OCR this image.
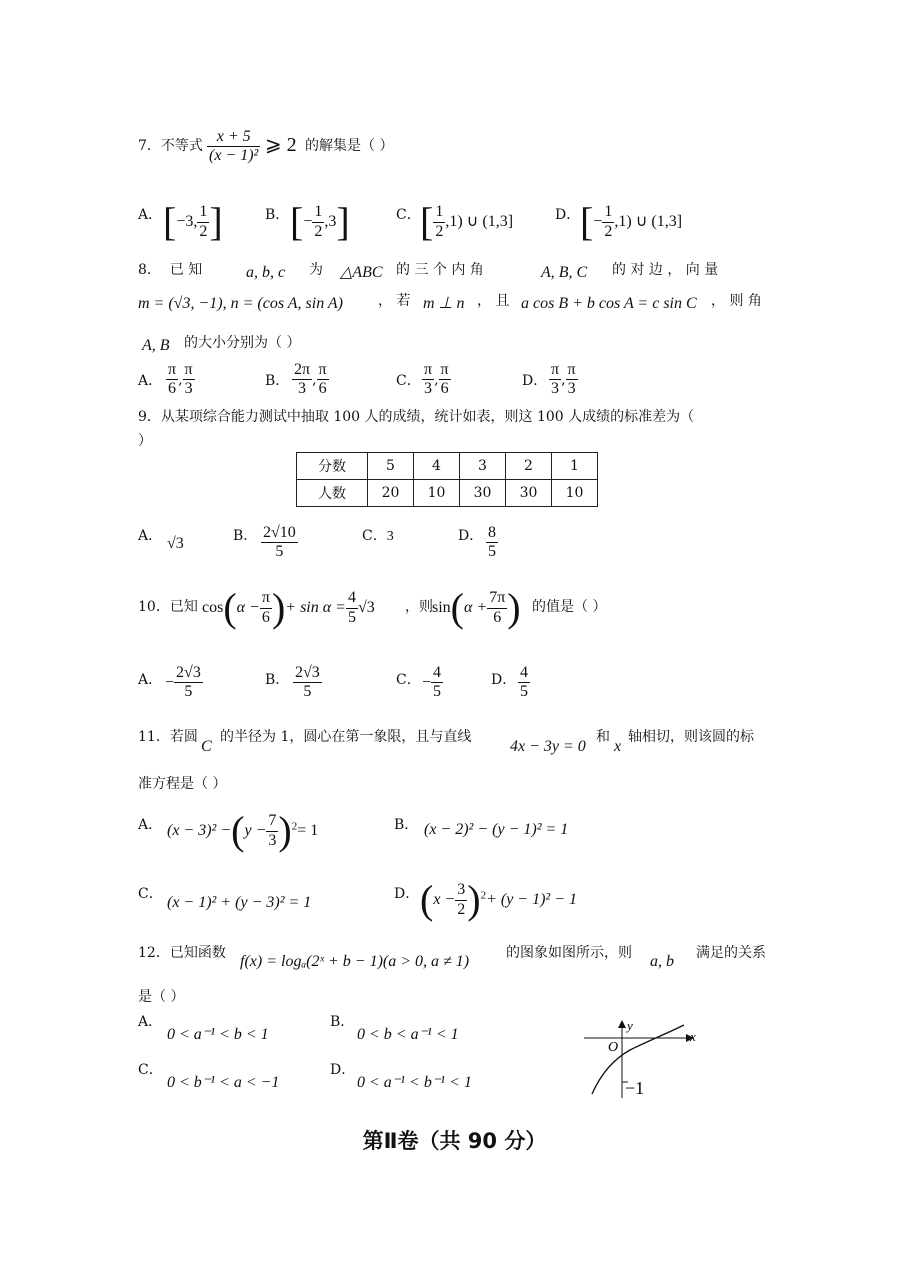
7．不等式 $\frac{x + 5}{\text{(x − 1)²}}$ ⩾ 2 的解集是（ ）
A． [−3, $\frac{1}{2}$ ]	B． [− $\frac{1}{2} ,3$]	C． [ $\frac{1}{2} ,1$) ∪ (1,3]	D． [− $\frac{1}{2} ,1$) ∪ (1,3]
8． 已 知	a, b, c 为 △ABC 的 三 个 内 角	A, B, C 的 对 边 ， 向 量
m = (√3, −1), n = (cos A, sin A) ， 若 m ⊥ n ， 且 a cos B + b cos A = c sin C ， 则 角
A, B 的大小分别为（ ）
A． $\frac{\pi}{6}$ , $\frac{\pi}{3}$	B． $\frac{2\pi}{3}$ , $\frac{\pi}{6}$	C． $\frac{\pi}{3}$ , $\frac{\pi}{6}$	D． $\frac{\pi}{3}$ , $\frac{\pi}{3}$
9．从某项综合能力测试中抽取 100 人的成绩，统计如表，则这 100 人成绩的标准差为（
）
分数	5	4	3	2	1
人数	20	10	30	30	10
A． √3	B． $\frac{2√10}{5}$	C．3	D． $\frac{8}{5}$
10．已知 $\cos(\alpha - \frac{\pi}{6}$ )+ $\sin \alpha = \frac{4}{5} √3$ ，则 $\sin(\alpha + \frac{7\pi}{6}$ ) 的值是（ ）
A． − $\frac{2√3}{5}$	B． $\frac{2√3}{5}$	C． − $\frac{4}{5}$	D． $\frac{4}{5}$
11．若圆
C
的半径为 1，圆心在第一象限，且与直线
4x − 3y = 0
和
x
轴相切，则该圆的标
准方程是（ ）
A． $(x - 3)^2 -(y - \frac{7}{3} )^2= 1$	B． (x − 2)² − (y − 1)² = 1
C． (x − 1)² + (y − 3)² = 1	D． $(x - \frac{3}{2} )^2+ (y - 1)^2 - 1$
12．已知函数 f(x) = logₐ(2ˣ + b − 1)(a > 0, a ≠ 1)	的图象如图所示，则 a, b 满足的关系
是（ ）
A．
0 < a⁻¹ < b < 1
B．
0 < b < a⁻¹ < 1
C．
0 < b⁻¹ < a < −1
D．
0 < a⁻¹ < b⁻¹ < 1
y
x
O
−1
第Ⅱ卷（共 90 分）
